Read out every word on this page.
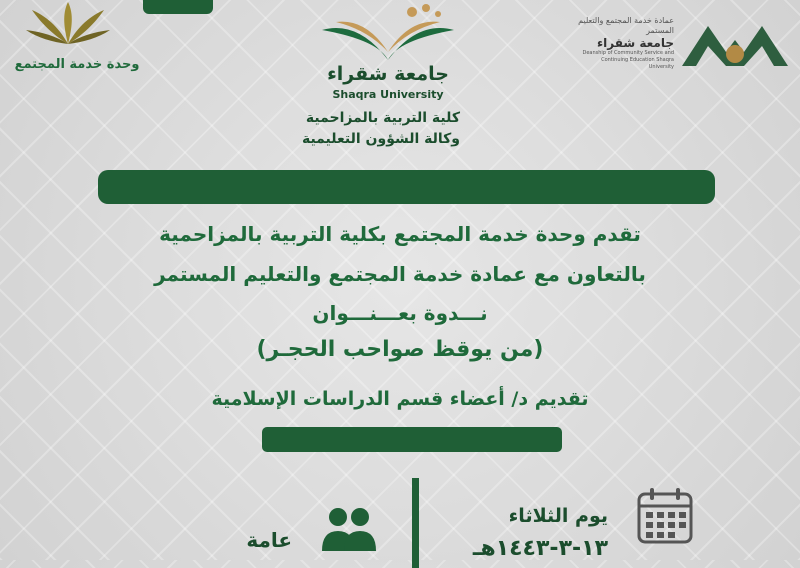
وحدة خدمة المجتمع	جامعة شقراء
Shaqra University
كلية التربية بالمزاحمية
وكالة الشؤون التعليمية
عمادة خدمة المجتمع والتعليم المستمر
جامعة شقراء
Deanship of Community Service and
Continuing Education Shaqra University
تقدم وحدة خدمة المجتمع بكلية التربية بالمزاحمية
بالتعاون مع عمادة خدمة المجتمع والتعليم المستمر
نـــدوة بعـــنـــوان
(من يوقظ صواحب الحجـر)
تقديم د/ أعضاء قسم الدراسات الإسلامية
يوم الثلاثاء
١٣-٣-١٤٤٣هـ
عامة
